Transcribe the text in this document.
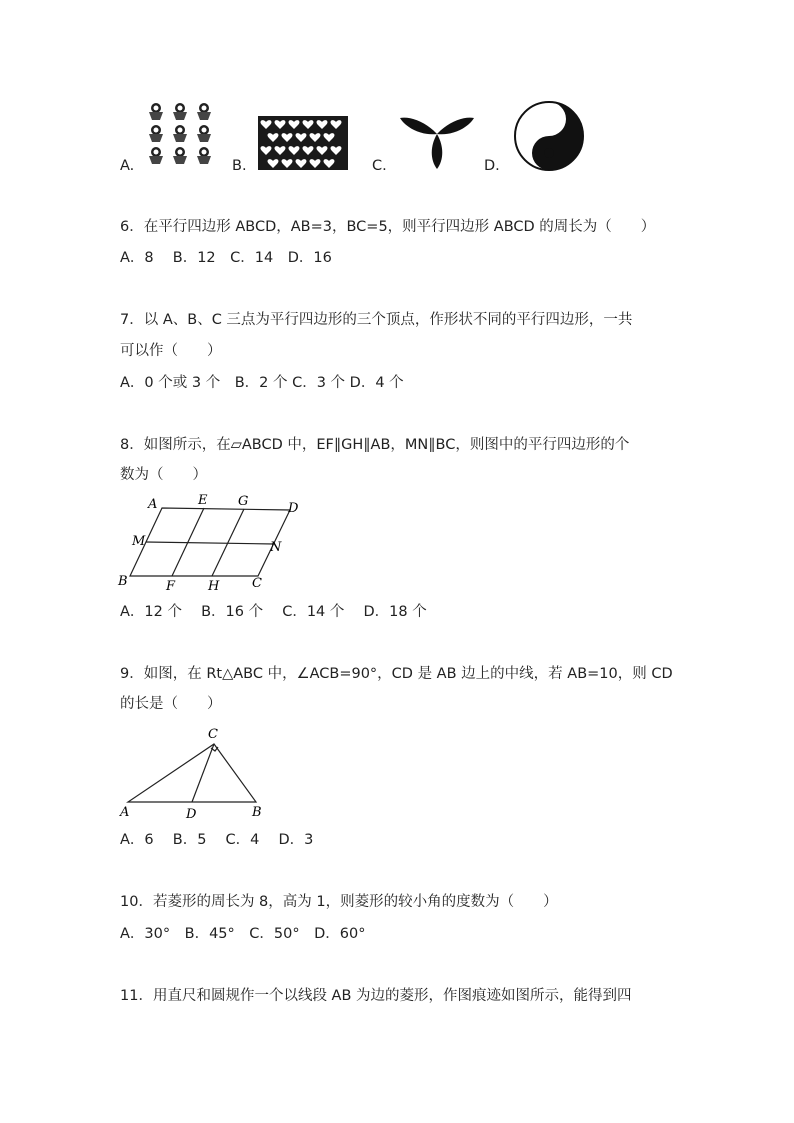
A.	B.	C.	D.
6．在平行四边形 ABCD，AB=3，BC=5，则平行四边形 ABCD 的周长为（　　）
A．8　 B．12　C．14　D．16
7．以 A、B、C 三点为平行四边形的三个顶点，作形状不同的平行四边形，一共
可以作（　　）
A．0 个或 3 个　B．2 个 C．3 个 D．4 个
8．如图所示，在▱ABCD 中，EF∥GH∥AB，MN∥BC，则图中的平行四边形的个
数为（　　）
A	E G	D
M	N
B	F	H	C
A．12 个　 B．16 个　 C．14 个　 D．18 个
9．如图，在 Rt△ABC 中，∠ACB=90°，CD 是 AB 边上的中线，若 AB=10，则 CD
的长是（　　）
C
A	D	B
A．6　 B．5　 C．4　 D．3
10．若菱形的周长为 8，高为 1，则菱形的较小角的度数为（　　）
A．30°　B．45°　C．50°　D．60°
11．用直尺和圆规作一个以线段 AB 为边的菱形，作图痕迹如图所示，能得到四
